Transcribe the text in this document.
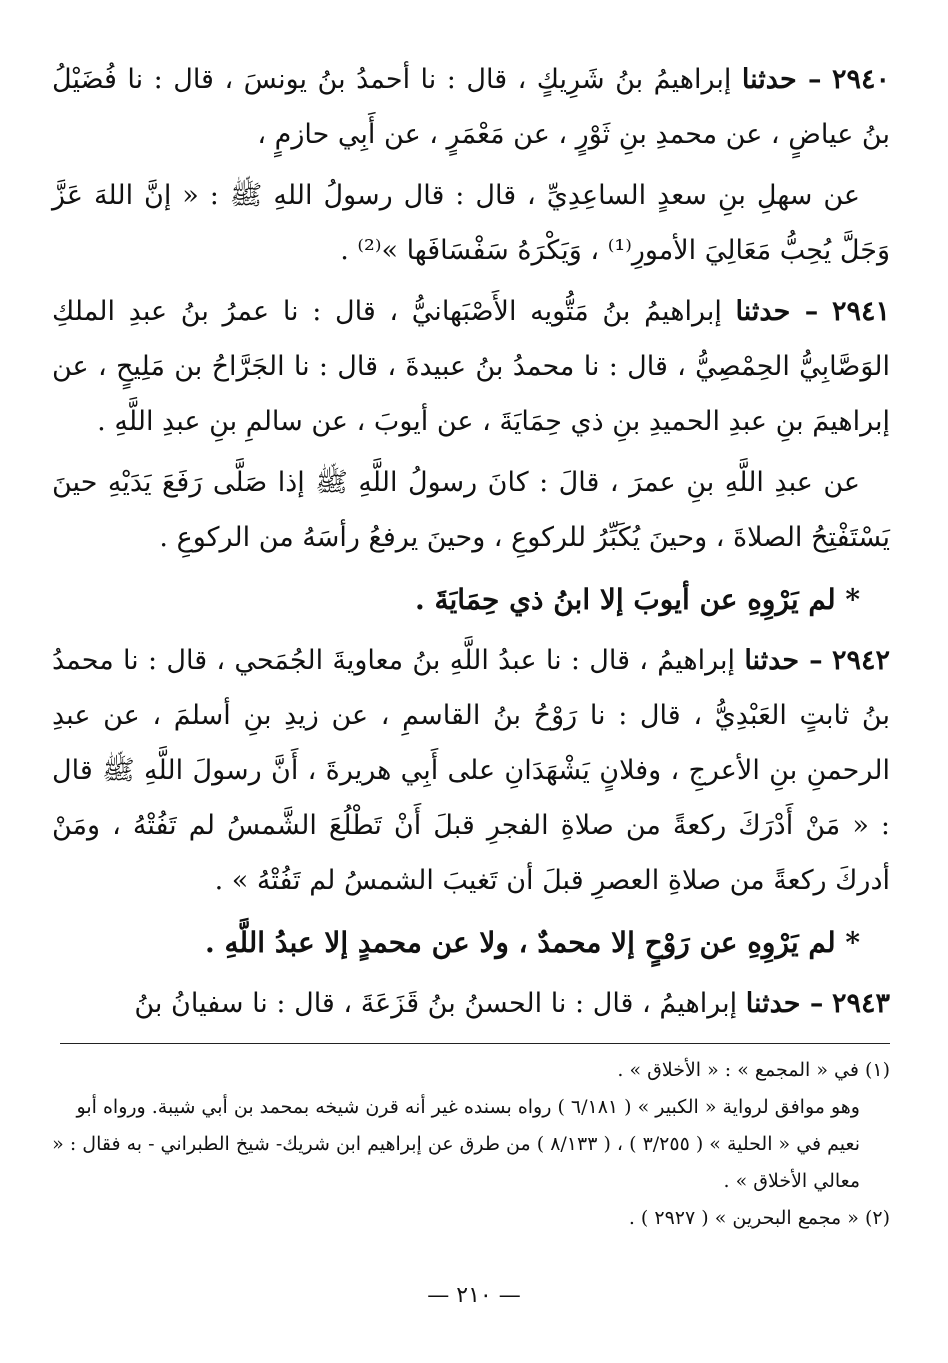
٢٩٤٠ – حدثنا إبراهيمُ بنُ شَرِيكٍ ، قال : نا أحمدُ بنُ يونسَ ، قال : نا فُضَيْلُ بنُ عياضٍ ، عن محمدِ بنِ ثَوْرٍ ، عن مَعْمَرٍ ، عن أَبِي حازمٍ ،

عن سهلِ بنِ سعدٍ الساعِدِيِّ ، قال : قال رسولُ اللهِ ﷺ : « إنَّ اللهَ عَزَّ وَجَلَّ يُحِبُّ مَعَالِيَ الأمورِ⁽¹⁾ ، وَيَكْرَهُ سَفْسَافَها »⁽²⁾ .

٢٩٤١ – حدثنا إبراهيمُ بنُ مَتُّويه الأَصْبَهانيُّ ، قال : نا عمرُ بنُ عبدِ الملكِ الوَصَّابِيُّ الحِمْصِيُّ ، قال : نا محمدُ بنُ عبيدةَ ، قال : نا الجَرَّاحُ بن مَلِيحٍ ، عن إبراهيمَ بنِ عبدِ الحميدِ بنِ ذي حِمَايَةَ ، عن أيوبَ ، عن سالمِ بنِ عبدِ اللَّهِ .

عن عبدِ اللَّهِ بنِ عمرَ ، قالَ : كانَ رسولُ اللَّهِ ﷺ إذا صَلَّى رَفَعَ يَدَيْهِ حينَ يَسْتَفْتِحُ الصلاةَ ، وحينَ يُكَبِّرُ للركوعِ ، وحينَ يرفعُ رأسَهُ من الركوعِ .

* لم يَرْوِهِ عن أيوبَ إلا ابنُ ذي حِمَايَةَ .

٢٩٤٢ – حدثنا إبراهيمُ ، قال : نا عبدُ اللَّهِ بنُ معاويةَ الجُمَحي ، قال : نا محمدُ بنُ ثابتٍ العَبْدِيُّ ، قال : نا رَوْحُ بنُ القاسمِ ، عن زيدِ بنِ أسلمَ ، عن عبدِ الرحمنِ بنِ الأعرجِ ، وفلانٍ يَشْهَدَانِ على أَبِي هريرةَ ، أَنَّ رسولَ اللَّهِ ﷺ قال : « مَنْ أَدْرَكَ ركعةً من صلاةِ الفجرِ قبلَ أَنْ تَطْلُعَ الشَّمسُ لم تَفُتْهُ ، ومَنْ أدركَ ركعةً من صلاةِ العصرِ قبلَ أن تَغيبَ الشمسُ لم تَفُتْهُ » .

* لم يَرْوِهِ عن رَوْحٍ إلا محمدٌ ، ولا عن محمدٍ إلا عبدُ اللَّهِ .

٢٩٤٣ – حدثنا إبراهيمُ ، قال : نا الحسنُ بنُ قَزَعَةَ ، قال : نا سفيانُ بنُ

(١) في « المجمع » : « الأخلاق » .

وهو موافق لرواية « الكبير » ( ٦/١٨١ ) رواه بسنده غير أنه قرن شيخه بمحمد بن أبي شيبة. ورواه أبو نعيم في « الحلية » ( ٣/٢٥٥ ) ، ( ٨/١٣٣ ) من طرق عن إبراهيم ابن شريك- شيخ الطبراني - به فقال : « معالي الأخلاق » .

(٢) « مجمع البحرين » ( ٢٩٢٧ ) .

— ٢١٠ —
